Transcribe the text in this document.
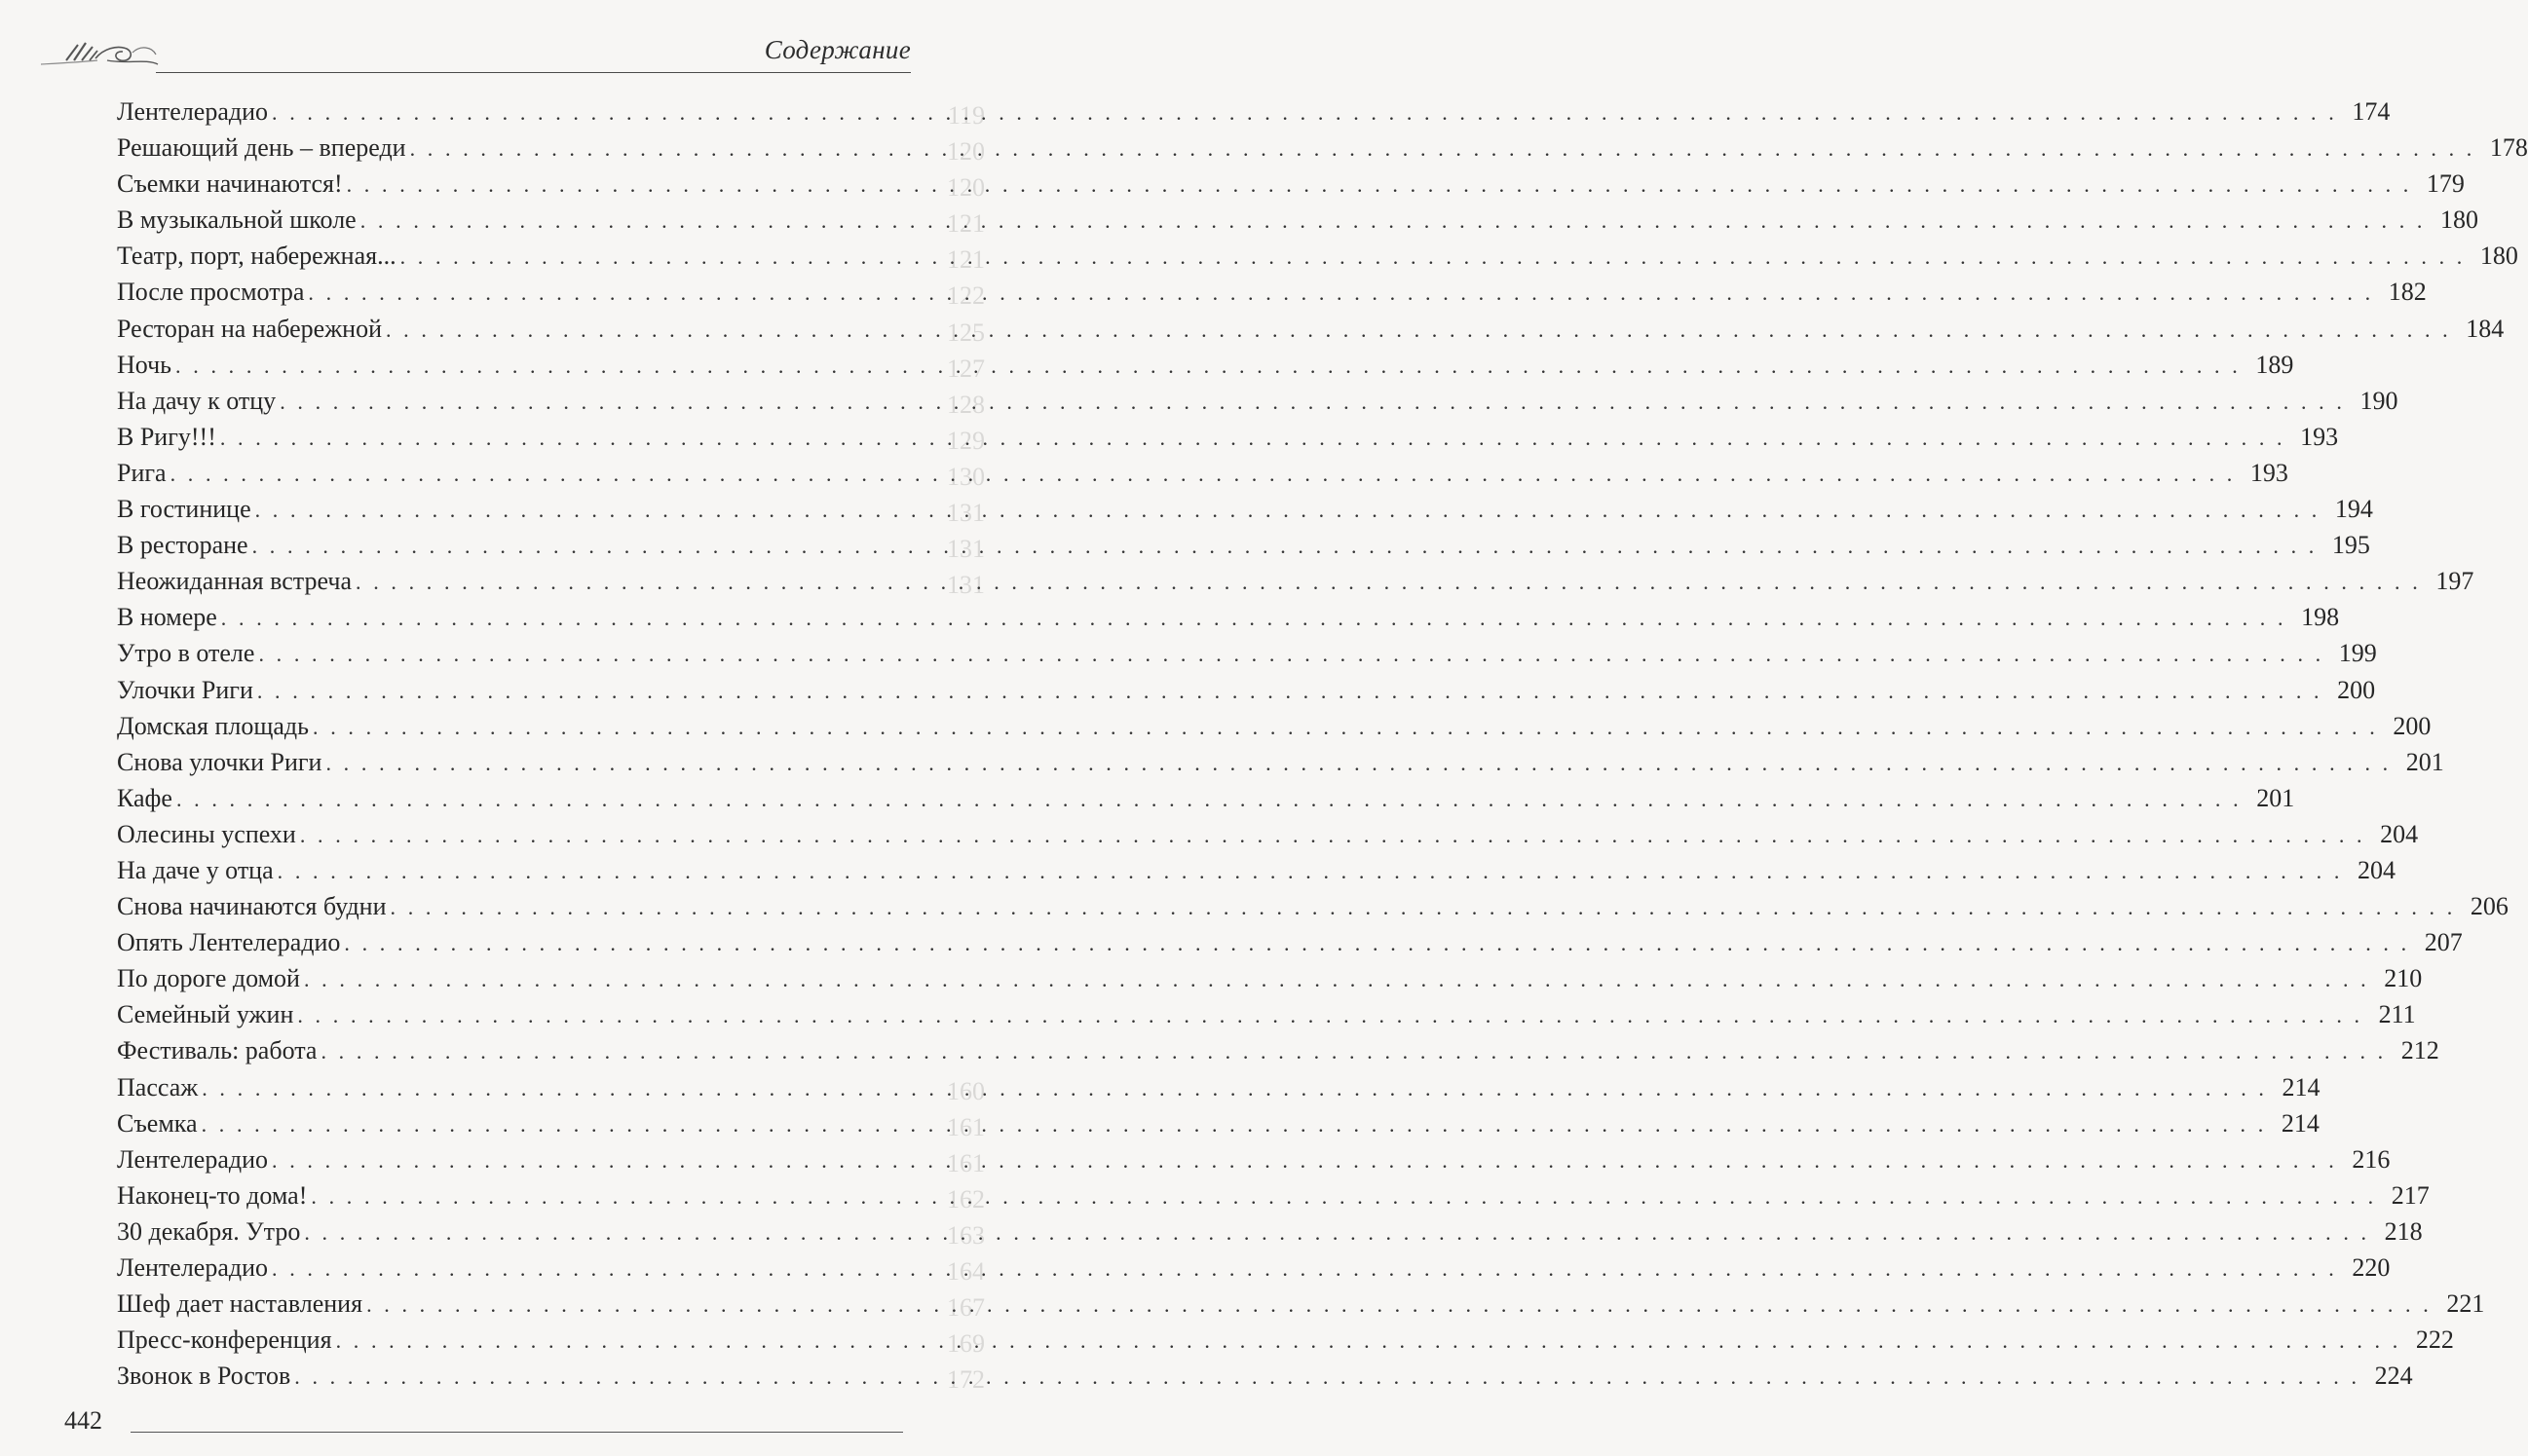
Содержание
119
120
120
121
121
122
125
127
128
129
130
131
131
131
160
161
161
162
163
164
167
169
172
Лентелерадио . . .	174
Решающий день – впереди . . .	178
Съемки начинаются! . . .	179
В музыкальной школе . . .	180
Театр, порт, набережная... . . .	180
После просмотра . . .	182
Ресторан на набережной . . .	184
Ночь . . .	189
На дачу к отцу . . .	190
В Ригу!!! . . .	193
Рига . . .	193
В гостинице . . .	194
В ресторане . . .	195
Неожиданная встреча . . .	197
В номере . . .	198
Утро в отеле . . .	199
Улочки Риги . . .	200
Домская площадь . . .	200
Снова улочки Риги . . .	201
Кафе . . .	201
Олесины успехи . . .	204
На даче у отца . . .	204
Снова начинаются будни . . .	206
Опять Лентелерадио . . .	207
По дороге домой . . .	210
Семейный ужин . . .	211
Фестиваль: работа . . .	212
Пассаж . . .	214
Съемка . . .	214
Лентелерадио . . .	216
Наконец-то дома! . . .	217
30 декабря. Утро . . .	218
Лентелерадио . . .	220
Шеф дает наставления . . .	221
Пресс-конференция . . .	222
Звонок в Ростов . . .	224
442
